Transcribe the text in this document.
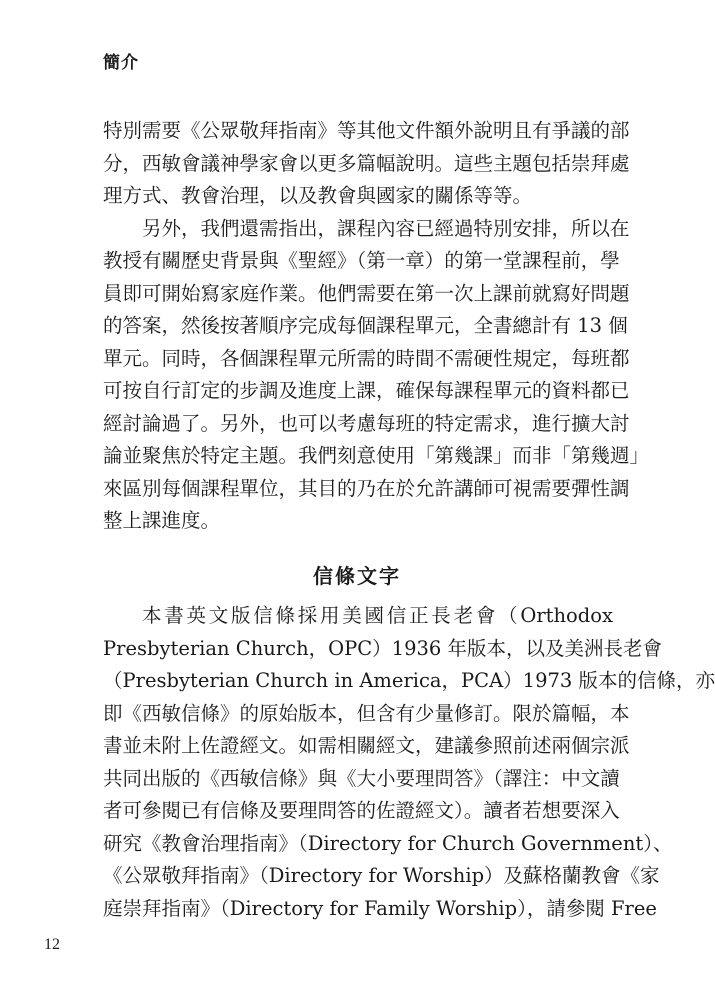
簡介
特別需要《公眾敬拜指南》等其他文件額外說明且有爭議的部
分，西敏會議神學家會以更多篇幅說明。這些主題包括崇拜處
理方式、教會治理，以及教會與國家的關係等等。
另外，我們還需指出，課程內容已經過特別安排，所以在
教授有關歷史背景與《聖經》（第一章）的第一堂課程前，學
員即可開始寫家庭作業。他們需要在第一次上課前就寫好問題
的答案，然後按著順序完成每個課程單元，全書總計有 13 個
單元。同時，各個課程單元所需的時間不需硬性規定，每班都
可按自行訂定的步調及進度上課，確保每課程單元的資料都已
經討論過了。另外，也可以考慮每班的特定需求，進行擴大討
論並聚焦於特定主題。我們刻意使用「第幾課」而非「第幾週」
來區別每個課程單位，其目的乃在於允許講師可視需要彈性調
整上課進度。
信條文字
本書英文版信條採用美國信正長老會（Orthodox
Presbyterian Church，OPC）1936 年版本，以及美洲長老會
（Presbyterian Church in America，PCA）1973 版本的信條，亦
即《西敏信條》的原始版本，但含有少量修訂。限於篇幅，本
書並未附上佐證經文。如需相關經文，建議參照前述兩個宗派
共同出版的《西敏信條》與《大小要理問答》（譯注：中文讀
者可參閱已有信條及要理問答的佐證經文）。讀者若想要深入
研究《教會治理指南》（Directory for Church Government）、
《公眾敬拜指南》（Directory for Worship）及蘇格蘭教會《家
庭崇拜指南》（Directory for Family Worship），請參閱 Free
12
